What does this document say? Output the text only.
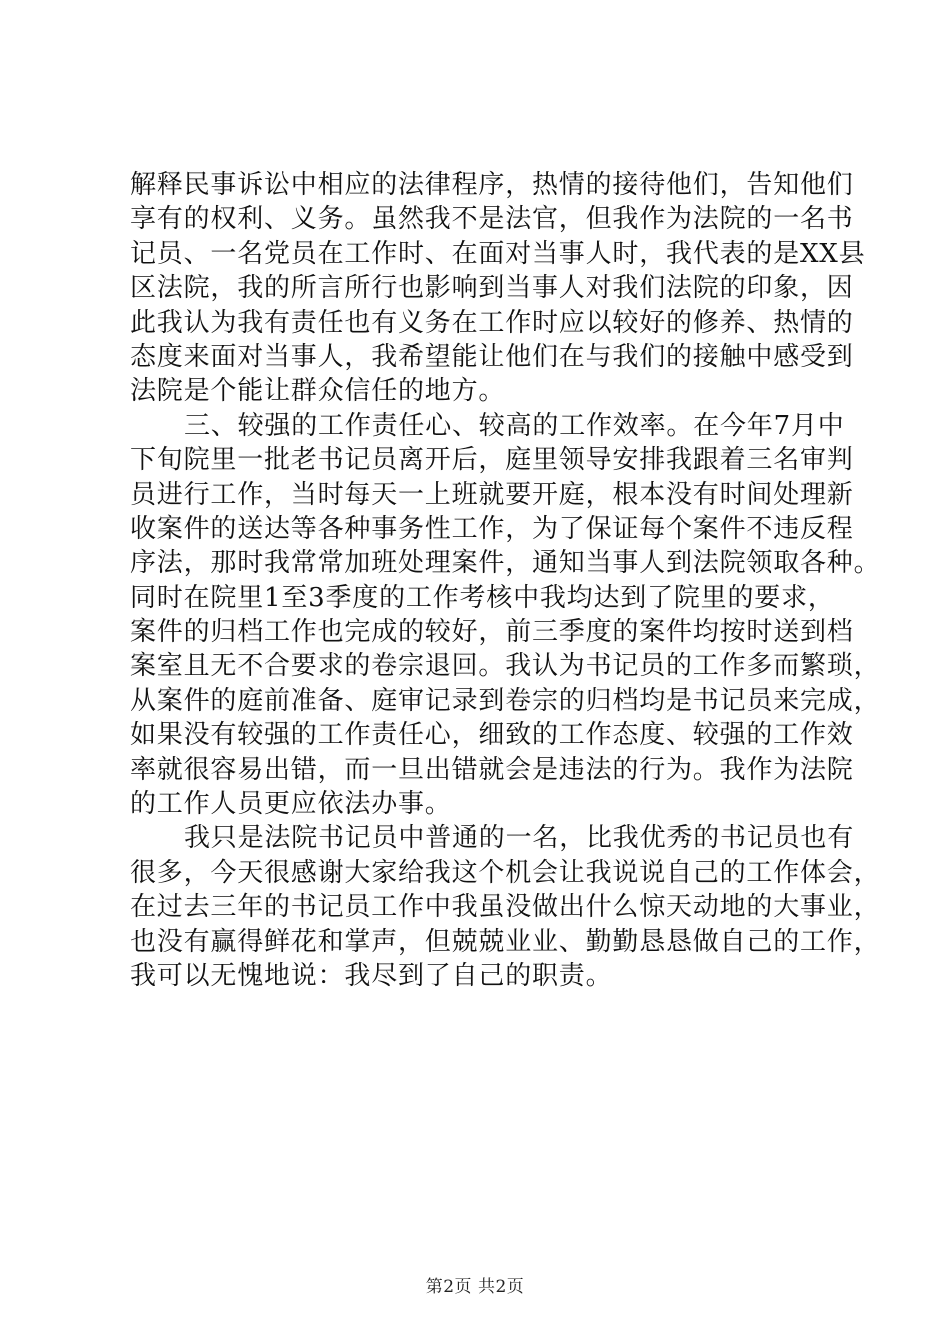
解释民事诉讼中相应的法律程序，热情的接待他们，告知他们
享有的权利、义务。虽然我不是法官，但我作为法院的一名书
记员、一名党员在工作时、在面对当事人时，我代表的是XX县
区法院，我的所言所行也影响到当事人对我们法院的印象，因
此我认为我有责任也有义务在工作时应以较好的修养、热情的
态度来面对当事人，我希望能让他们在与我们的接触中感受到
法院是个能让群众信任的地方。
三、较强的工作责任心、较高的工作效率。在今年7月中
下旬院里一批老书记员离开后，庭里领导安排我跟着三名审判
员进行工作，当时每天一上班就要开庭，根本没有时间处理新
收案件的送达等各种事务性工作，为了保证每个案件不违反程
序法，那时我常常加班处理案件，通知当事人到法院领取各种。
同时在院里1至3季度的工作考核中我均达到了院里的要求，
案件的归档工作也完成的较好，前三季度的案件均按时送到档
案室且无不合要求的卷宗退回。我认为书记员的工作多而繁琐，
从案件的庭前准备、庭审记录到卷宗的归档均是书记员来完成，
如果没有较强的工作责任心，细致的工作态度、较强的工作效
率就很容易出错，而一旦出错就会是违法的行为。我作为法院
的工作人员更应依法办事。
我只是法院书记员中普通的一名，比我优秀的书记员也有
很多，今天很感谢大家给我这个机会让我说说自己的工作体会，
在过去三年的书记员工作中我虽没做出什么惊天动地的大事业，
也没有赢得鲜花和掌声，但兢兢业业、勤勤恳恳做自己的工作，
我可以无愧地说：我尽到了自己的职责。
第2页 共2页
